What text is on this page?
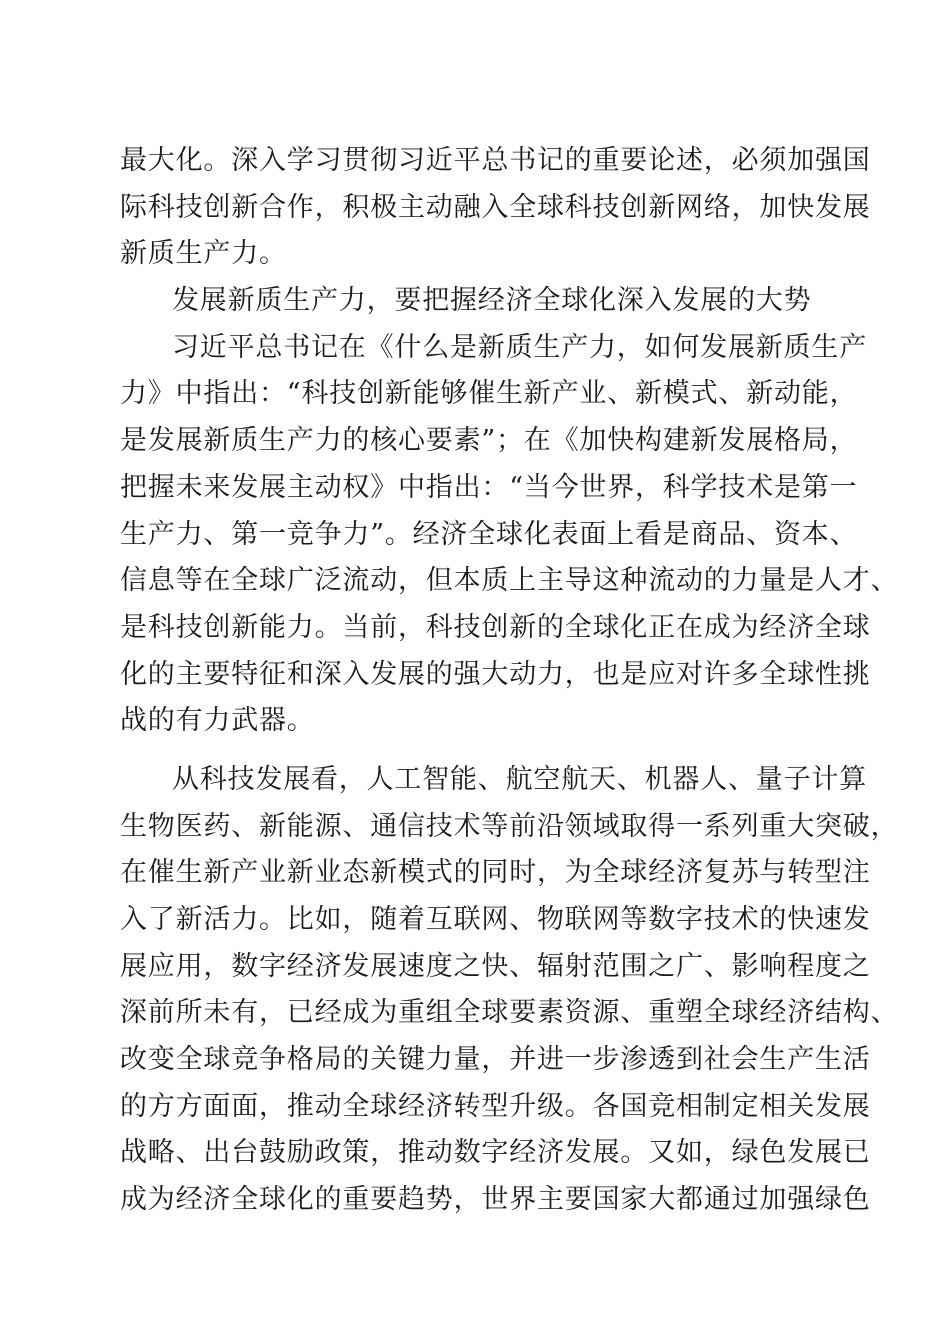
最大化。深入学习贯彻习近平总书记的重要论述，必须加强国
际科技创新合作，积极主动融入全球科技创新网络，加快发展
新质生产力。
发展新质生产力，要把握经济全球化深入发展的大势
习近平总书记在《什么是新质生产力，如何发展新质生产
力》中指出：“科技创新能够催生新产业、新模式、新动能，
是发展新质生产力的核心要素”；在《加快构建新发展格局，
把握未来发展主动权》中指出：“当今世界，科学技术是第一
生产力、第一竞争力”。经济全球化表面上看是商品、资本、
信息等在全球广泛流动，但本质上主导这种流动的力量是人才、
是科技创新能力。当前，科技创新的全球化正在成为经济全球
化的主要特征和深入发展的强大动力，也是应对许多全球性挑
战的有力武器。
从科技发展看，人工智能、航空航天、机器人、量子计算
生物医药、新能源、通信技术等前沿领域取得一系列重大突破，
在催生新产业新业态新模式的同时，为全球经济复苏与转型注
入了新活力。比如，随着互联网、物联网等数字技术的快速发
展应用，数字经济发展速度之快、辐射范围之广、影响程度之
深前所未有，已经成为重组全球要素资源、重塑全球经济结构、
改变全球竞争格局的关键力量，并进一步渗透到社会生产生活
的方方面面，推动全球经济转型升级。各国竞相制定相关发展
战略、出台鼓励政策，推动数字经济发展。又如，绿色发展已
成为经济全球化的重要趋势，世界主要国家大都通过加强绿色
